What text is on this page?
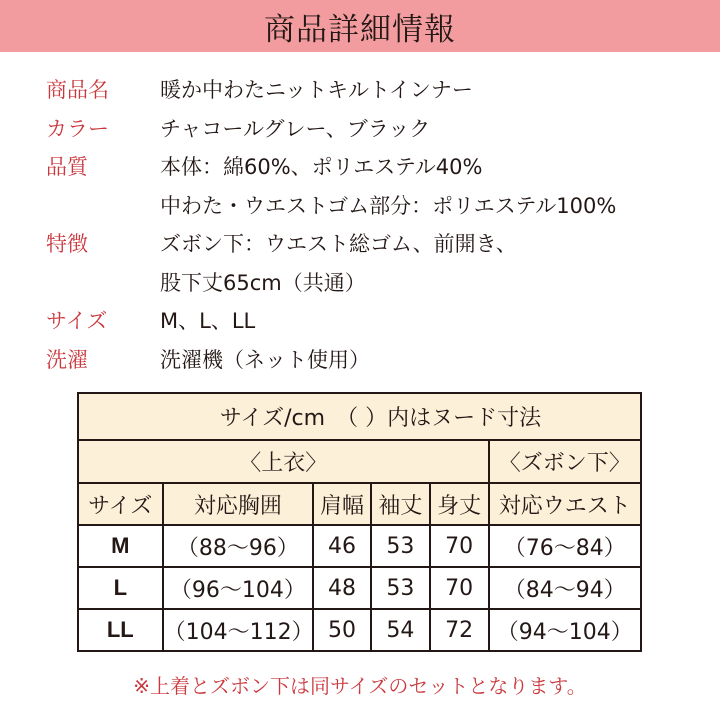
商品詳細情報
商品名	暖か中わたニットキルトインナー
カラー	チャコールグレー、ブラック
品質	本体：綿60%、ポリエステル40%
中わた・ウエストゴム部分：ポリエステル100%
特徴	ズボン下：ウエスト総ゴム、前開き、
股下丈65cm（共通）
サイズ	M、L、LL
洗濯	洗濯機（ネット使用）
サイズ/cm　（ ）内はヌード寸法					
〈上衣〉					〈ズボン下〉
サイズ	対応胸囲	肩幅	袖丈	身丈	対応ウエスト
M	（88〜96）	46	53	70	（76〜84）
L	（96〜104）	48	53	70	（84〜94）
LL	（104〜112）	50	54	72	（94〜104）
※上着とズボン下は同サイズのセットとなります。
